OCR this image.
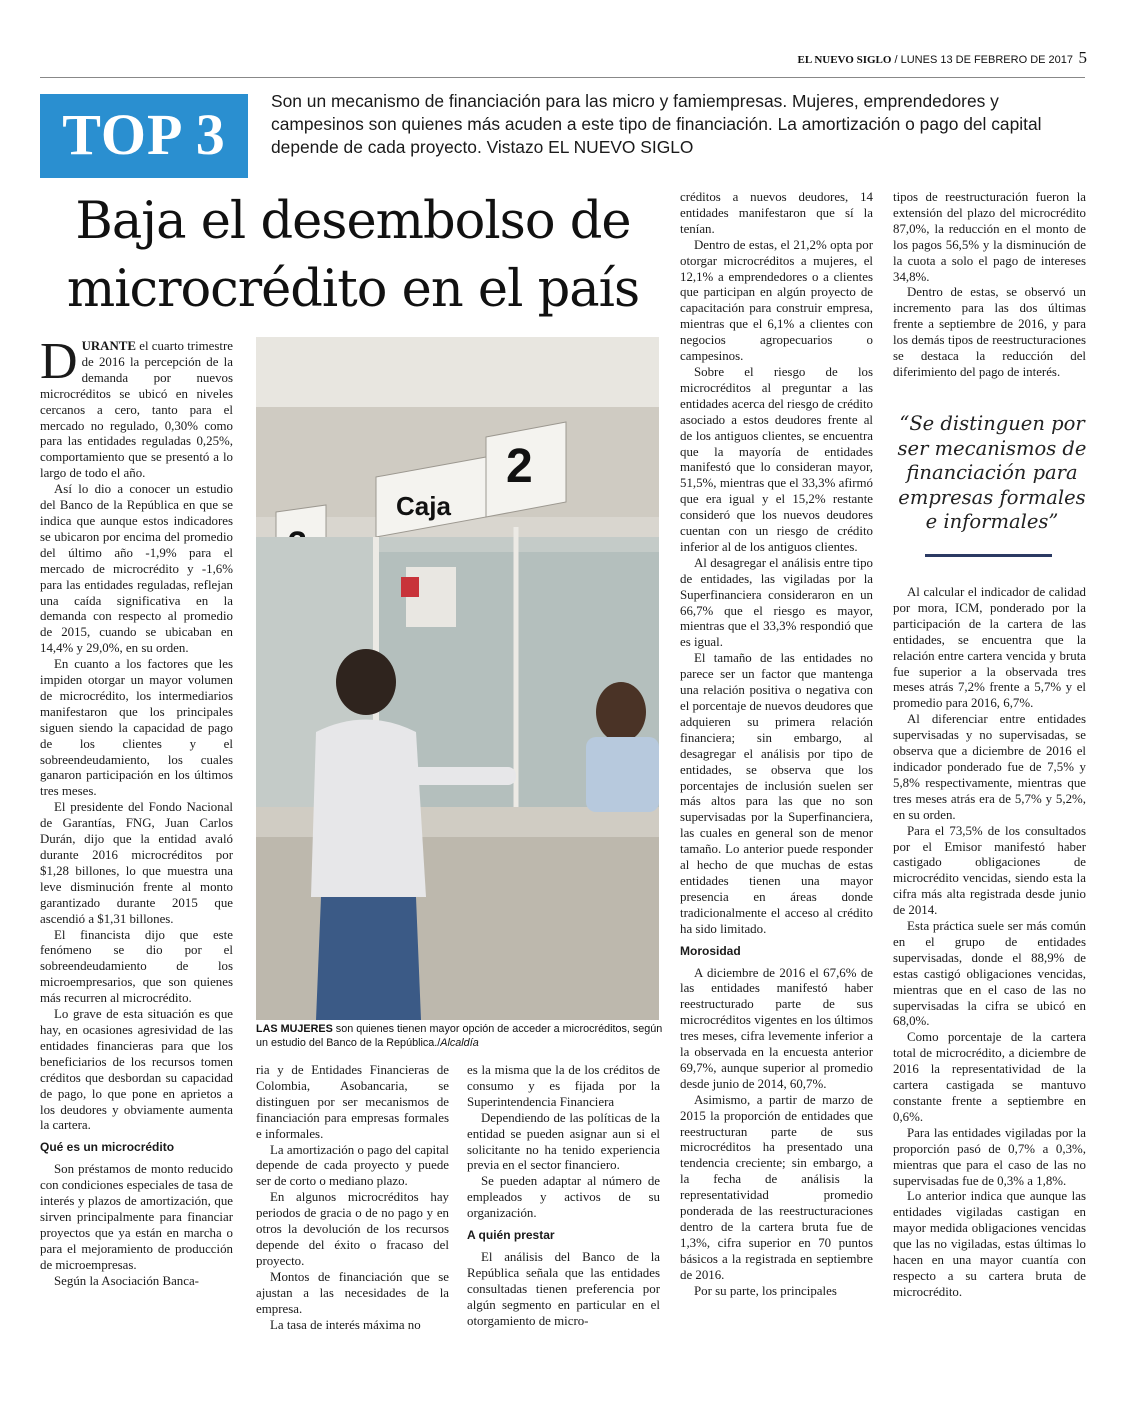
EL NUEVO SIGLO / LUNES 13 DE FEBRERO DE 2017 5
TOP 3
Son un mecanismo de financiación para las micro y famiempresas. Mujeres, emprendedores y campesinos son quienes más acuden a este tipo de financiación. La amortización o pago del capital depende de cada proyecto. Vistazo EL NUEVO SIGLO
Baja el desembolso de
microcrédito en el país

DURANTE el cuarto trimestre de 2016 la percepción de la demanda por nuevos microcréditos se ubicó en niveles cercanos a cero, tanto para el mercado no regulado, 0,30% como para las entidades reguladas 0,25%, comportamiento que se presentó a lo largo de todo el año.

Así lo dio a conocer un estudio del Banco de la República en que se indica que aunque estos indicadores se ubicaron por encima del promedio del último año -1,9% para el mercado de microcrédito y -1,6% para las entidades reguladas, reflejan una caída significativa en la demanda con respecto al promedio de 2015, cuando se ubicaban en 14,4% y 29,0%, en su orden.

En cuanto a los factores que les impiden otorgar un mayor volumen de microcrédito, los intermediarios manifestaron que los principales siguen siendo la capacidad de pago de los clientes y el sobreendeudamiento, los cuales ganaron participación en los últimos tres meses.

El presidente del Fondo Nacional de Garantías, FNG, Juan Carlos Durán, dijo que la entidad avaló durante 2016 microcréditos por $1,28 billones, lo que muestra una leve disminución frente al monto garantizado durante 2015 que ascendió a $1,31 billones.

El financista dijo que este fenómeno se dio por el sobreendeudamiento de los microempresarios, que son quienes más recurren al microcrédito.

Lo grave de esta situación es que hay, en ocasiones agresividad de las entidades financieras para que los beneficiarios de los recursos tomen créditos que desbordan su capacidad de pago, lo que pone en aprietos a los deudores y obviamente aumenta la cartera.

Qué es un microcrédito

Son préstamos de monto reducido con condiciones especiales de tasa de interés y plazos de amortización, que sirven principalmente para financiar proyectos que ya están en marcha o para el mejoramiento de producción de microempresas.

Según la Asociación Banca-

Caja
2
LAS MUJERES son quienes tienen mayor opción de acceder a microcréditos, según un estudio del Banco de la República./Alcaldía

ria y de Entidades Financieras de Colombia, Asobancaria, se distinguen por ser mecanismos de financiación para empresas formales e informales.

La amortización o pago del capital depende de cada proyecto y puede ser de corto o mediano plazo.

En algunos microcréditos hay periodos de gracia o de no pago y en otros la devolución de los recursos depende del éxito o fracaso del proyecto.

Montos de financiación que se ajustan a las necesidades de la empresa.

La tasa de interés máxima no

es la misma que la de los créditos de consumo y es fijada por la Superintendencia Financiera

Dependiendo de las políticas de la entidad se pueden asignar aun si el solicitante no ha tenido experiencia previa en el sector financiero.

Se pueden adaptar al número de empleados y activos de su organización.

A quién prestar

El análisis del Banco de la República señala que las entidades consultadas tienen preferencia por algún segmento en particular en el otorgamiento de micro-

créditos a nuevos deudores, 14 entidades manifestaron que sí la tenían.

Dentro de estas, el 21,2% opta por otorgar microcréditos a mujeres, el 12,1% a emprendedores o a clientes que participan en algún proyecto de capacitación para construir empresa, mientras que el 6,1% a clientes con negocios agropecuarios o campesinos.

Sobre el riesgo de los microcréditos al preguntar a las entidades acerca del riesgo de crédito asociado a estos deudores frente al de los antiguos clientes, se encuentra que la mayoría de entidades manifestó que lo consideran mayor, 51,5%, mientras que el 33,3% afirmó que era igual y el 15,2% restante consideró que los nuevos deudores cuentan con un riesgo de crédito inferior al de los antiguos clientes.

Al desagregar el análisis entre tipo de entidades, las vigiladas por la Superfinanciera consideraron en un 66,7% que el riesgo es mayor, mientras que el 33,3% respondió que es igual.

El tamaño de las entidades no parece ser un factor que mantenga una relación positiva o negativa con el porcentaje de nuevos deudores que adquieren su primera relación financiera; sin embargo, al desagregar el análisis por tipo de entidades, se observa que los porcentajes de inclusión suelen ser más altos para las que no son supervisadas por la Superfinanciera, las cuales en general son de menor tamaño. Lo anterior puede responder al hecho de que muchas de estas entidades tienen una mayor presencia en áreas donde tradicionalmente el acceso al crédito ha sido limitado.

Morosidad

A diciembre de 2016 el 67,6% de las entidades manifestó haber reestructurado parte de sus microcréditos vigentes en los últimos tres meses, cifra levemente inferior a la observada en la encuesta anterior 69,7%, aunque superior al promedio desde junio de 2014, 60,7%.

Asimismo, a partir de marzo de 2015 la proporción de entidades que reestructuran parte de sus microcréditos ha presentado una tendencia creciente; sin embargo, a la fecha de análisis la representatividad promedio ponderada de las reestructuraciones dentro de la cartera bruta fue de 1,3%, cifra superior en 70 puntos básicos a la registrada en septiembre de 2016.

Por su parte, los principales

tipos de reestructuración fueron la extensión del plazo del microcrédito 87,0%, la reducción en el monto de los pagos 56,5% y la disminución de la cuota a solo el pago de intereses 34,8%.

Dentro de estas, se observó un incremento para las dos últimas frente a septiembre de 2016, y para los demás tipos de reestructuraciones se destaca la reducción del diferimiento del pago de interés.

“Se distinguen por ser mecanismos de financiación para empresas formales e informales”

Al calcular el indicador de calidad por mora, ICM, ponderado por la participación de la cartera de las entidades, se encuentra que la relación entre cartera vencida y bruta fue superior a la observada tres meses atrás 7,2% frente a 5,7% y el promedio para 2016, 6,7%.

Al diferenciar entre entidades supervisadas y no supervisadas, se observa que a diciembre de 2016 el indicador ponderado fue de 7,5% y 5,8% respectivamente, mientras que tres meses atrás era de 5,7% y 5,2%, en su orden.

Para el 73,5% de los consultados por el Emisor manifestó haber castigado obligaciones de microcrédito vencidas, siendo esta la cifra más alta registrada desde junio de 2014.

Esta práctica suele ser más común en el grupo de entidades supervisadas, donde el 88,9% de estas castigó obligaciones vencidas, mientras que en el caso de las no supervisadas la cifra se ubicó en 68,0%.

Como porcentaje de la cartera total de microcrédito, a diciembre de 2016 la representatividad de la cartera castigada se mantuvo constante frente a septiembre en 0,6%.

Para las entidades vigiladas por la proporción pasó de 0,7% a 0,3%, mientras que para el caso de las no supervisadas fue de 0,3% a 1,8%.

Lo anterior indica que aunque las entidades vigiladas castigan en mayor medida obligaciones vencidas que las no vigiladas, estas últimas lo hacen en una mayor cuantía con respecto a su cartera bruta de microcrédito.
